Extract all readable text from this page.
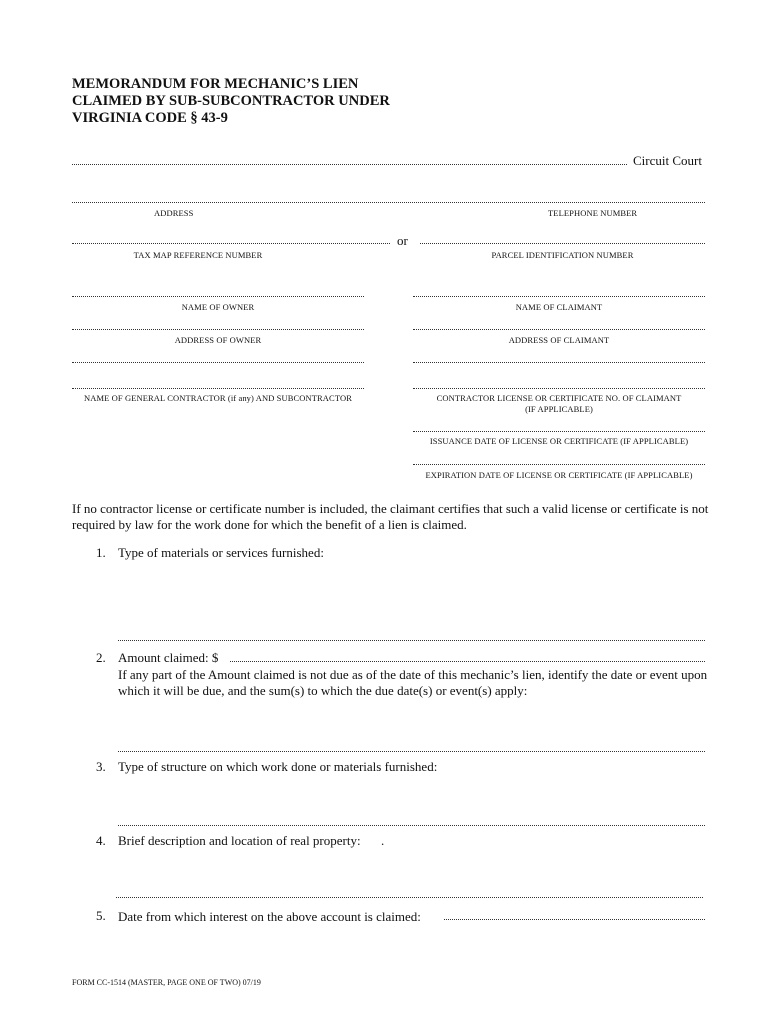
MEMORANDUM FOR MECHANIC’S LIEN
CLAIMED BY SUB-SUBCONTRACTOR UNDER
VIRGINIA CODE § 43-9
Circuit Court
ADDRESS	TELEPHONE NUMBER
or
TAX MAP REFERENCE NUMBER	PARCEL IDENTIFICATION NUMBER
NAME OF OWNER	NAME OF CLAIMANT
ADDRESS OF OWNER	ADDRESS OF CLAIMANT
NAME OF GENERAL CONTRACTOR (if any) AND SUBCONTRACTOR	CONTRACTOR LICENSE OR CERTIFICATE NO. OF CLAIMANT
(IF APPLICABLE)
ISSUANCE DATE OF LICENSE OR CERTIFICATE (IF APPLICABLE)
EXPIRATION DATE OF LICENSE OR CERTIFICATE (IF APPLICABLE)
If no contractor license or certificate number is included, the claimant certifies that such a valid license or certificate is not required by law for the work done for which the benefit of a lien is claimed.
1. Type of materials or services furnished:
2. Amount claimed: $
If any part of the Amount claimed is not due as of the date of this mechanic’s lien, identify the date or event upon which it will be due, and the sum(s) to which the due date(s) or event(s) apply:
3. Type of structure on which work done or materials furnished:
4. Brief description and location of real property: .
5. Date from which interest on the above account is claimed:
FORM CC-1514 (MASTER, PAGE ONE OF TWO) 07/19
